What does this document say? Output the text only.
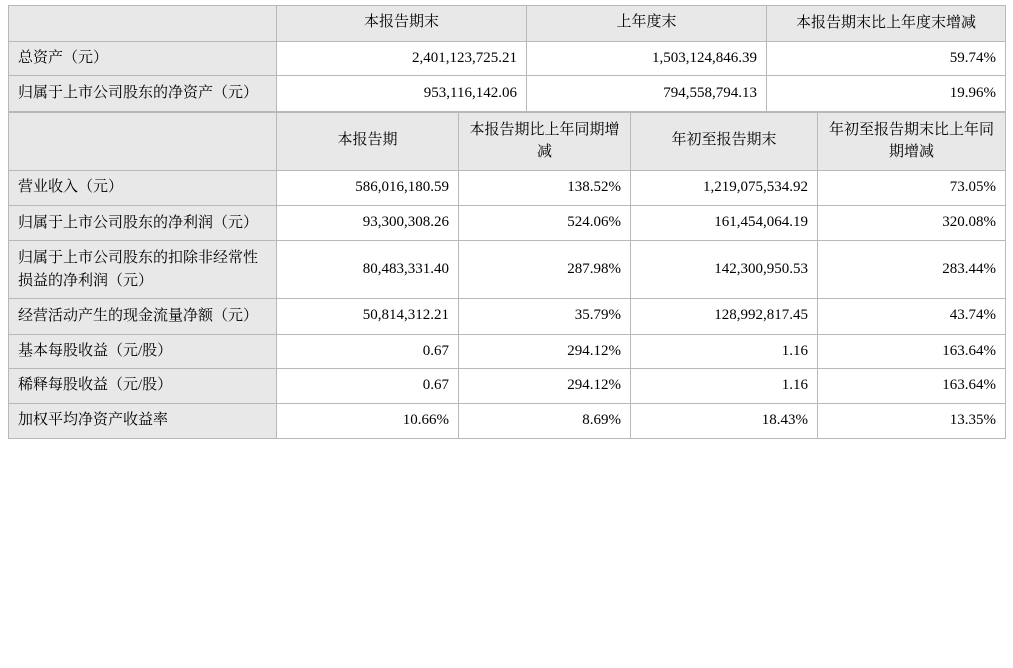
	本报告期末	上年度末	本报告期末比上年度末增减
总资产（元）	2,401,123,725.21	1,503,124,846.39	59.74%
归属于上市公司股东的净资产（元）	953,116,142.06	794,558,794.13	19.96%
	本报告期	本报告期比上年同期增减	年初至报告期末	年初至报告期末比上年同期增减
营业收入（元）	586,016,180.59	138.52%	1,219,075,534.92	73.05%
归属于上市公司股东的净利润（元）	93,300,308.26	524.06%	161,454,064.19	320.08%
归属于上市公司股东的扣除非经常性损益的净利润（元）	80,483,331.40	287.98%	142,300,950.53	283.44%
经营活动产生的现金流量净额（元）	50,814,312.21	35.79%	128,992,817.45	43.74%
基本每股收益（元/股）	0.67	294.12%	1.16	163.64%
稀释每股收益（元/股）	0.67	294.12%	1.16	163.64%
加权平均净资产收益率	10.66%	8.69%	18.43%	13.35%
